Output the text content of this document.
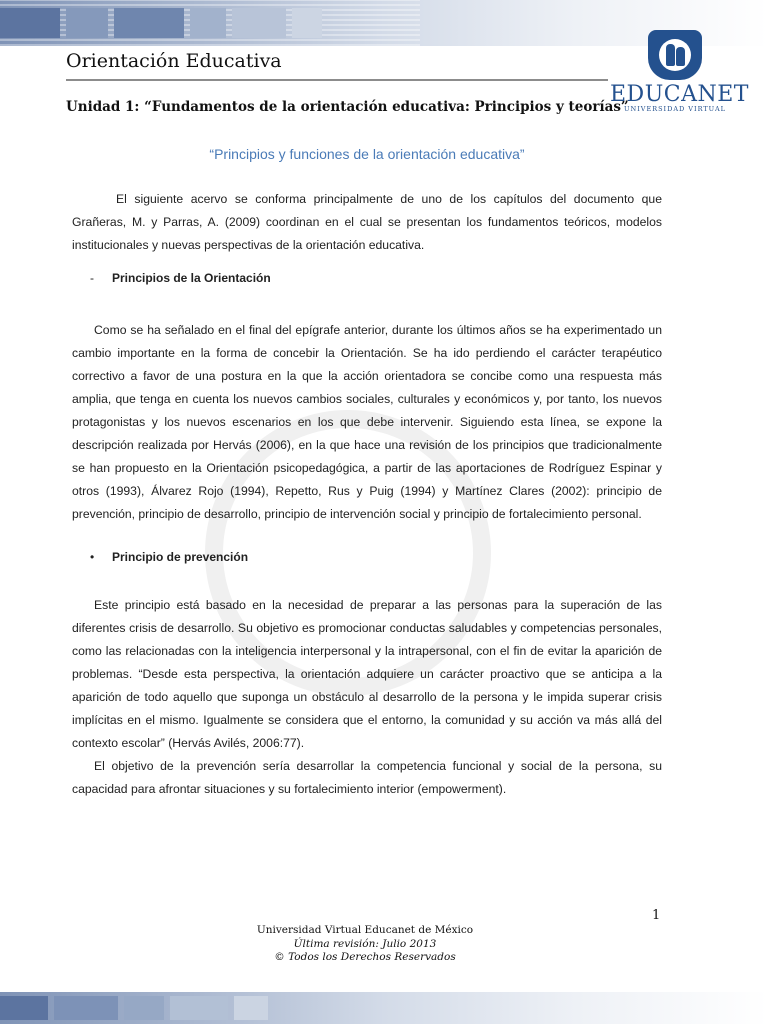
Orientación Educativa
Unidad 1: “Fundamentos de la orientación educativa: Principios y teorías”
EDUCANET
UNIVERSIDAD VIRTUAL
“Principios y funciones de la orientación educativa”

El siguiente acervo se conforma principalmente de uno de los capítulos del documento que Grañeras, M. y Parras, A. (2009) coordinan en el cual se presentan los fundamentos teóricos, modelos institucionales y nuevas perspectivas de la orientación educativa.

-	Principios de la Orientación

Como se ha señalado en el final del epígrafe anterior, durante los últimos años se ha experimentado un cambio importante en la forma de concebir la Orientación. Se ha ido perdiendo el carácter terapéutico correctivo a favor de una postura en la que la acción orientadora se concibe como una respuesta más amplia, que tenga en cuenta los nuevos cambios sociales, culturales y económicos y, por tanto, los nuevos protagonistas y los nuevos escenarios en los que debe intervenir. Siguiendo esta línea, se expone la descripción realizada por Hervás (2006), en la que hace una revisión de los principios que tradicionalmente se han propuesto en la Orientación psicopedagógica, a partir de las aportaciones de Rodríguez Espinar y otros (1993), Álvarez Rojo (1994), Repetto, Rus y Puig (1994) y Martínez Clares (2002): principio de prevención, principio de desarrollo, principio de intervención social y principio de fortalecimiento personal.

•	Principio de prevención

Este principio está basado en la necesidad de preparar a las personas para la superación de las diferentes crisis de desarrollo. Su objetivo es promocionar conductas saludables y competencias personales, como las relacionadas con la inteligencia interpersonal y la intrapersonal, con el fin de evitar la aparición de problemas. “Desde esta perspectiva, la orientación adquiere un carácter proactivo que se anticipa a la aparición de todo aquello que suponga un obstáculo al desarrollo de la persona y le impida superar crisis implícitas en el mismo. Igualmente se considera que el entorno, la comunidad y su acción va más allá del contexto escolar” (Hervás Avilés, 2006:77).

El objetivo de la prevención sería desarrollar la competencia funcional y social de la persona, su capacidad para afrontar situaciones y su fortalecimiento interior (empowerment).

1
Universidad Virtual Educanet de México
Última revisión: Julio 2013
© Todos los Derechos Reservados
